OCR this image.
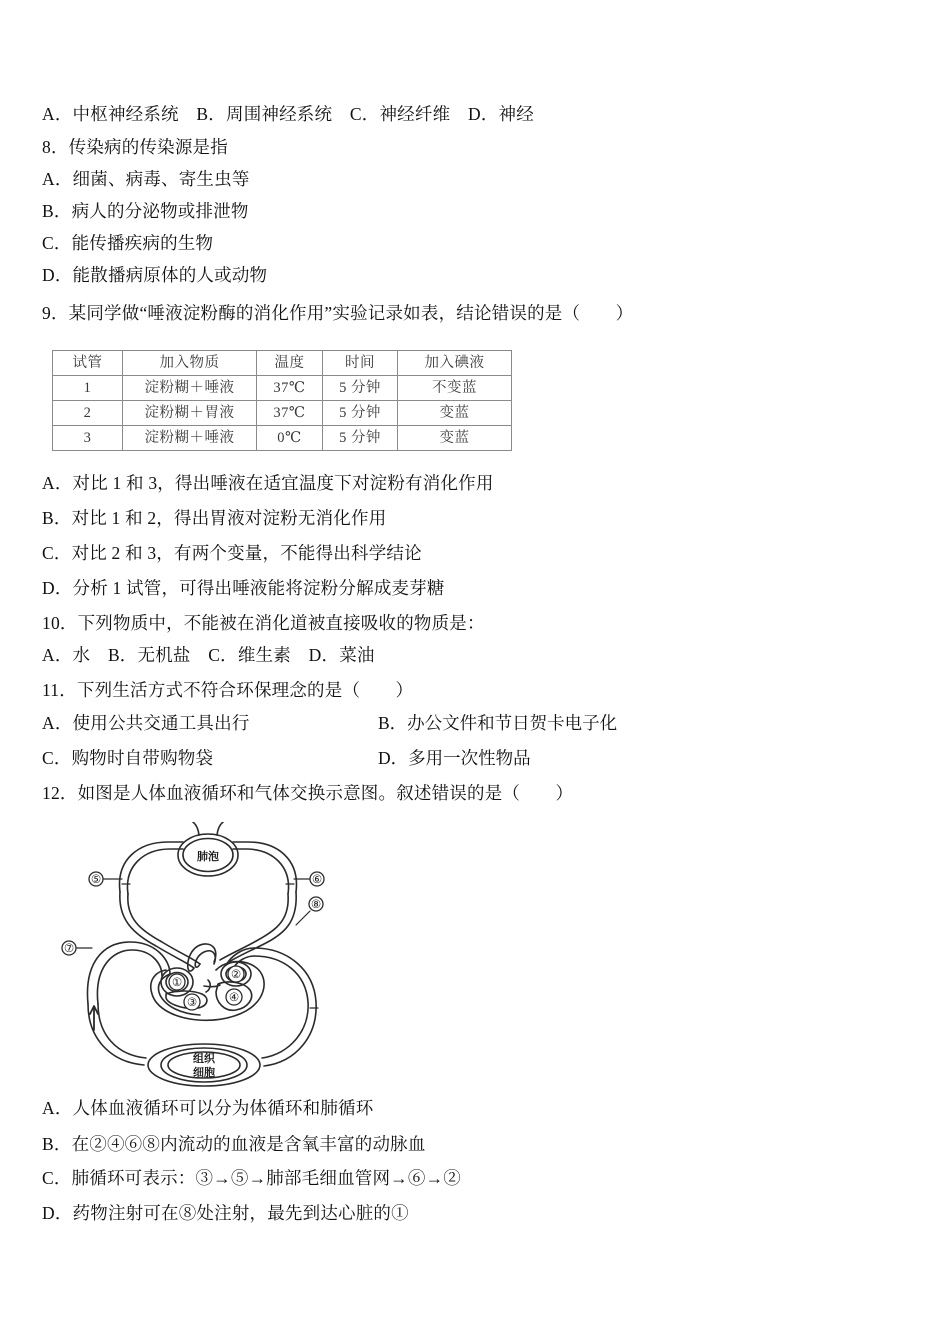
A．中枢神经系统　B．周围神经系统　C．神经纤维　D．神经
8．传染病的传染源是指
A．细菌、病毒、寄生虫等
B．病人的分泌物或排泄物
C．能传播疾病的生物
D．能散播病原体的人或动物
9．某同学做“唾液淀粉酶的消化作用”实验记录如表，结论错误的是（　　）
试管	加入物质	温度	时间	加入碘液
1	淀粉糊＋唾液	37℃	5 分钟	不变蓝
2	淀粉糊＋胃液	37℃	5 分钟	变蓝
3	淀粉糊＋唾液	0℃	5 分钟	变蓝
A．对比 1 和 3，得出唾液在适宜温度下对淀粉有消化作用
B．对比 1 和 2，得出胃液对淀粉无消化作用
C．对比 2 和 3，有两个变量，不能得出科学结论
D．分析 1 试管，可得出唾液能将淀粉分解成麦芽糖
10．下列物质中，不能被在消化道被直接吸收的物质是：
A．水　B．无机盐　C．维生素　D．菜油
11．下列生活方式不符合环保理念的是（　　）
A．使用公共交通工具出行	B．办公文件和节日贺卡电子化
C．购物时自带购物袋	D．多用一次性物品
12．如图是人体血液循环和气体交换示意图。叙述错误的是（　　）
⑤	⑥
⑦
⑧
①
②
③	④
肺泡
组织
细胞
A．人体血液循环可以分为体循环和肺循环
B．在②④⑥⑧内流动的血液是含氧丰富的动脉血
C．肺循环可表示：③→⑤→肺部毛细血管网→⑥→②
D．药物注射可在⑧处注射，最先到达心脏的①
